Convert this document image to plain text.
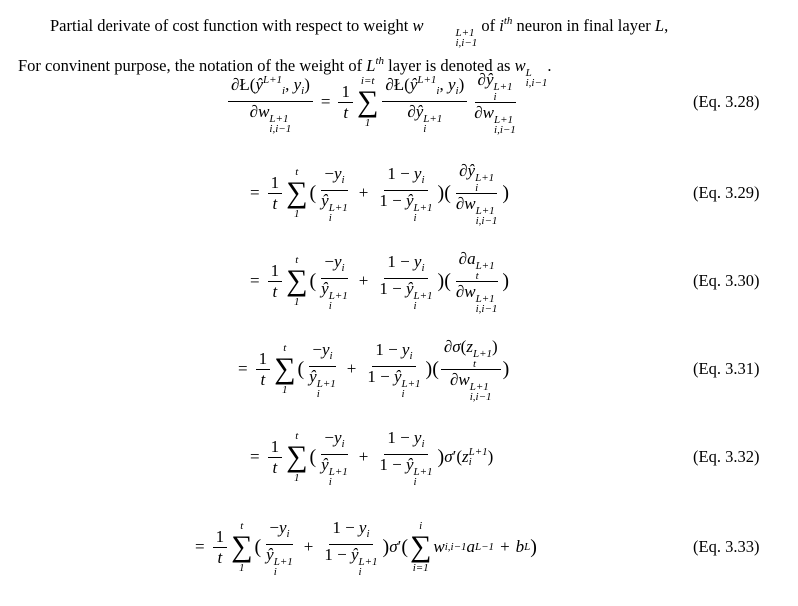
Partial derivate of cost function with respect to weight w	L+1
i,i−1
of $i^{th}$ neuron in final layer L,
For convinent purpose, the notation of the weight of Lth layer is denoted as w L
i,i−1
.
$\partial Ł(ŷ^{L+1}_i$, $y_i$)
∂w L+1
$i,i-1 = \frac{1}{t}$
i=t
∑
1 $\partial Ł(ŷ^{L+1}_i$, $y_i$)
∂ŷ L+1
i ∂ŷ L+1
i
∂w L+1
i,i−1	(Eq. 3.28)
= $\frac{1}{t}$
t
∑
1
( $-y_i$
ŷ L+1
$i + 1 - y_i$
1 − ŷ L+1
i )( ∂ŷ L+1
i
∂w L+1
i,i−1 )	(Eq. 3.29)
= $\frac{1}{t}$
t
∑
1
( $-y_i$
ŷ L+1
$i + 1 - y_i$
1 − ŷ L+1
i )( ∂a L+1
t
∂w L+1
i,i−1 )	(Eq. 3.30)
= $\frac{1}{t}$
t
∑
1
( $-y_i$
ŷ L+1
$i + 1 - y_i$
1 − ŷ L+1
i )( ∂σ(z L+1
t
)
∂w L+1
i,i−1 )	(Eq. 3.31)
= $\frac{1}{t}$
t
∑
1
( $-y_i$
ŷ L+1
$i + 1 - y_i$
1 − ŷ L+1
i ) σ ′( z L+1
i )	(Eq. 3.32)
= $\frac{1}{t}$
t
∑
1
( $-y_i$
ŷ L+1
$i + 1 - y_i$
1 − ŷ L+1
i ) σ ′ (
i
∑
i=1
w i,i−1 a L−1 + b L )	(Eq. 3.33)
